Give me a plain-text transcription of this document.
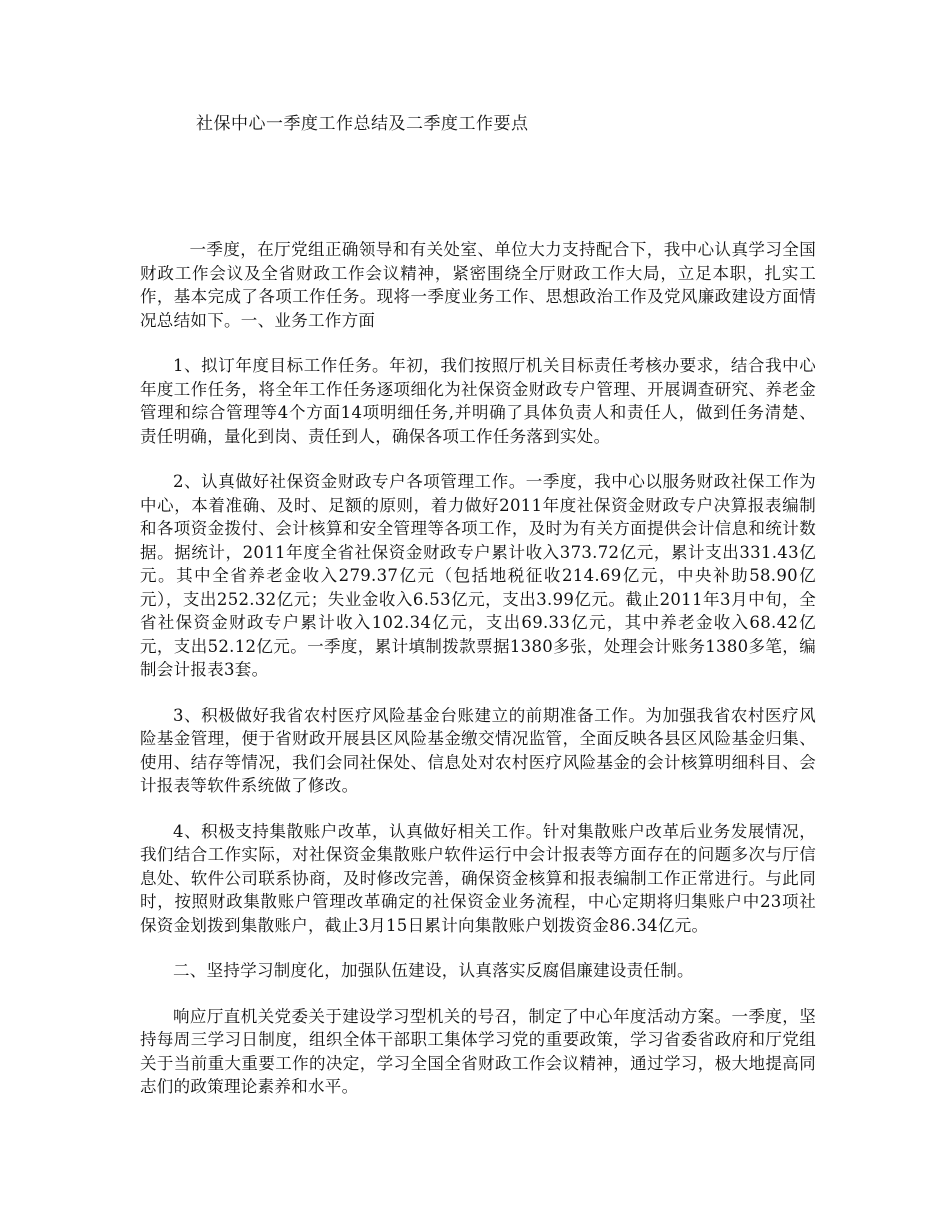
社保中心一季度工作总结及二季度工作要点

一季度，在厅党组正确领导和有关处室、单位大力支持配合下，我中心认真学习全国财政工作会议及全省财政工作会议精神，紧密围绕全厅财政工作大局，立足本职，扎实工作，基本完成了各项工作任务。现将一季度业务工作、思想政治工作及党风廉政建设方面情况总结如下。一、业务工作方面

1、拟订年度目标工作任务。年初，我们按照厅机关目标责任考核办要求，结合我中心年度工作任务，将全年工作任务逐项细化为社保资金财政专户管理、开展调查研究、养老金管理和综合管理等4个方面14项明细任务,并明确了具体负责人和责任人，做到任务清楚、责任明确，量化到岗、责任到人，确保各项工作任务落到实处。

2、认真做好社保资金财政专户各项管理工作。一季度，我中心以服务财政社保工作为中心，本着准确、及时、足额的原则，着力做好2011年度社保资金财政专户决算报表编制和各项资金拨付、会计核算和安全管理等各项工作，及时为有关方面提供会计信息和统计数据。据统计，2011年度全省社保资金财政专户累计收入373.72亿元，累计支出331.43亿元。其中全省养老金收入279.37亿元（包括地税征收214.69亿元，中央补助58.90亿元），支出252.32亿元；失业金收入6.53亿元，支出3.99亿元。截止2011年3月中旬，全省社保资金财政专户累计收入102.34亿元，支出69.33亿元，其中养老金收入68.42亿元，支出52.12亿元。一季度，累计填制拨款票据1380多张，处理会计账务1380多笔，编制会计报表3套。

3、积极做好我省农村医疗风险基金台账建立的前期准备工作。为加强我省农村医疗风险基金管理，便于省财政开展县区风险基金缴交情况监管，全面反映各县区风险基金归集、使用、结存等情况，我们会同社保处、信息处对农村医疗风险基金的会计核算明细科目、会计报表等软件系统做了修改。

4、积极支持集散账户改革，认真做好相关工作。针对集散账户改革后业务发展情况，我们结合工作实际，对社保资金集散账户软件运行中会计报表等方面存在的问题多次与厅信息处、软件公司联系协商，及时修改完善，确保资金核算和报表编制工作正常进行。与此同时，按照财政集散账户管理改革确定的社保资金业务流程，中心定期将归集账户中23项社保资金划拨到集散账户，截止3月15日累计向集散账户划拨资金86.34亿元。

二、坚持学习制度化，加强队伍建设，认真落实反腐倡廉建设责任制。

响应厅直机关党委关于建设学习型机关的号召，制定了中心年度活动方案。一季度，坚持每周三学习日制度，组织全体干部职工集体学习党的重要政策，学习省委省政府和厅党组关于当前重大重要工作的决定，学习全国全省财政工作会议精神，通过学习，极大地提高同志们的政策理论素养和水平。
